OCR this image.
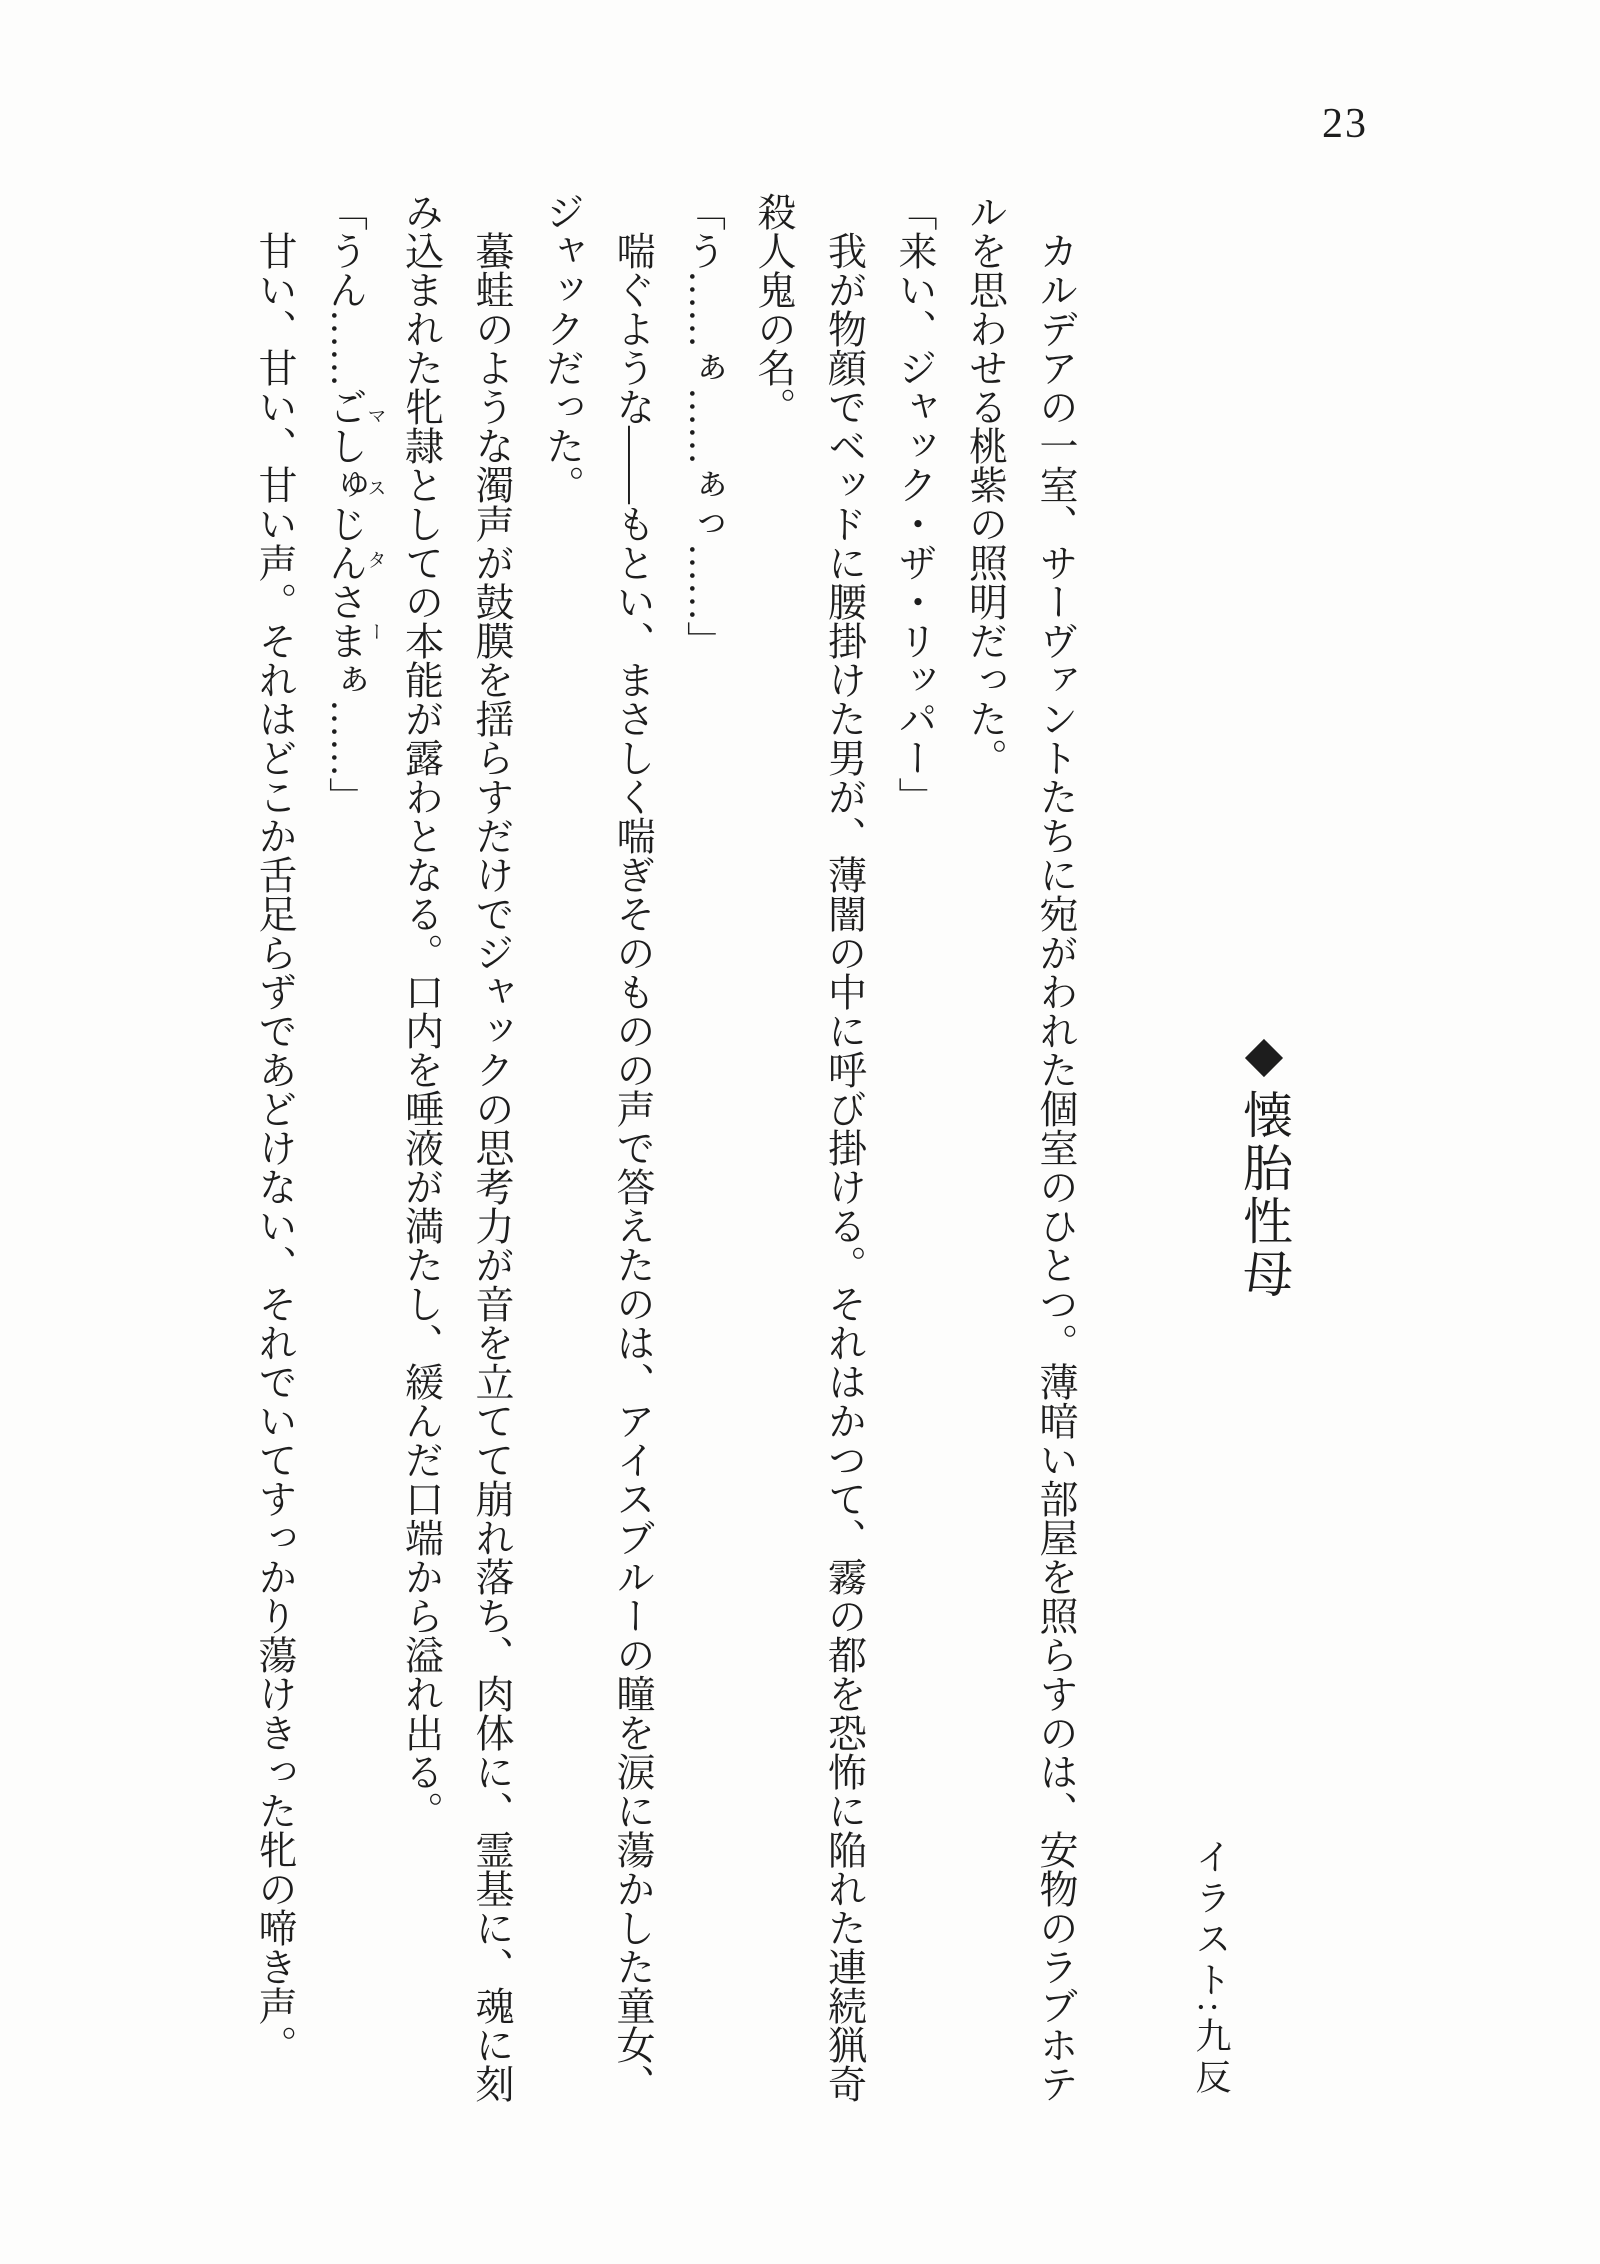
23
◆懐胎性母
イラスト:九反

カルデアの一室、サーヴァントたちに宛がわれた個室のひとつ。薄暗い部屋を照らすのは、安物のラブホテルを思わせる桃紫の照明だった。

「来い、ジャック・ザ・リッパー」

我が物顔でベッドに腰掛けた男が、薄闇の中に呼び掛ける。それはかつて、霧の都を恐怖に陥れた連続猟奇殺人鬼の名。

「う……ぁ……ぁっ……」

喘ぐような――もとい、まさしく喘ぎそのものの声で答えたのは、アイスブルーの瞳を涙に蕩かした童女、ジャックだった。

蟇蛙のような濁声が鼓膜を揺らすだけでジャックの思考力が音を立てて崩れ落ち、肉体に、霊基に、魂に刻み込まれた牝隷としての本能が露わとなる。口内を唾液が満たし、緩んだ口端から溢れ出る。

「うん……ごしゅじんさまマスターぁ……」

甘い、甘い、甘い声。それはどこか舌足らずであどけない、それでいてすっかり蕩けきった牝の啼き声。
